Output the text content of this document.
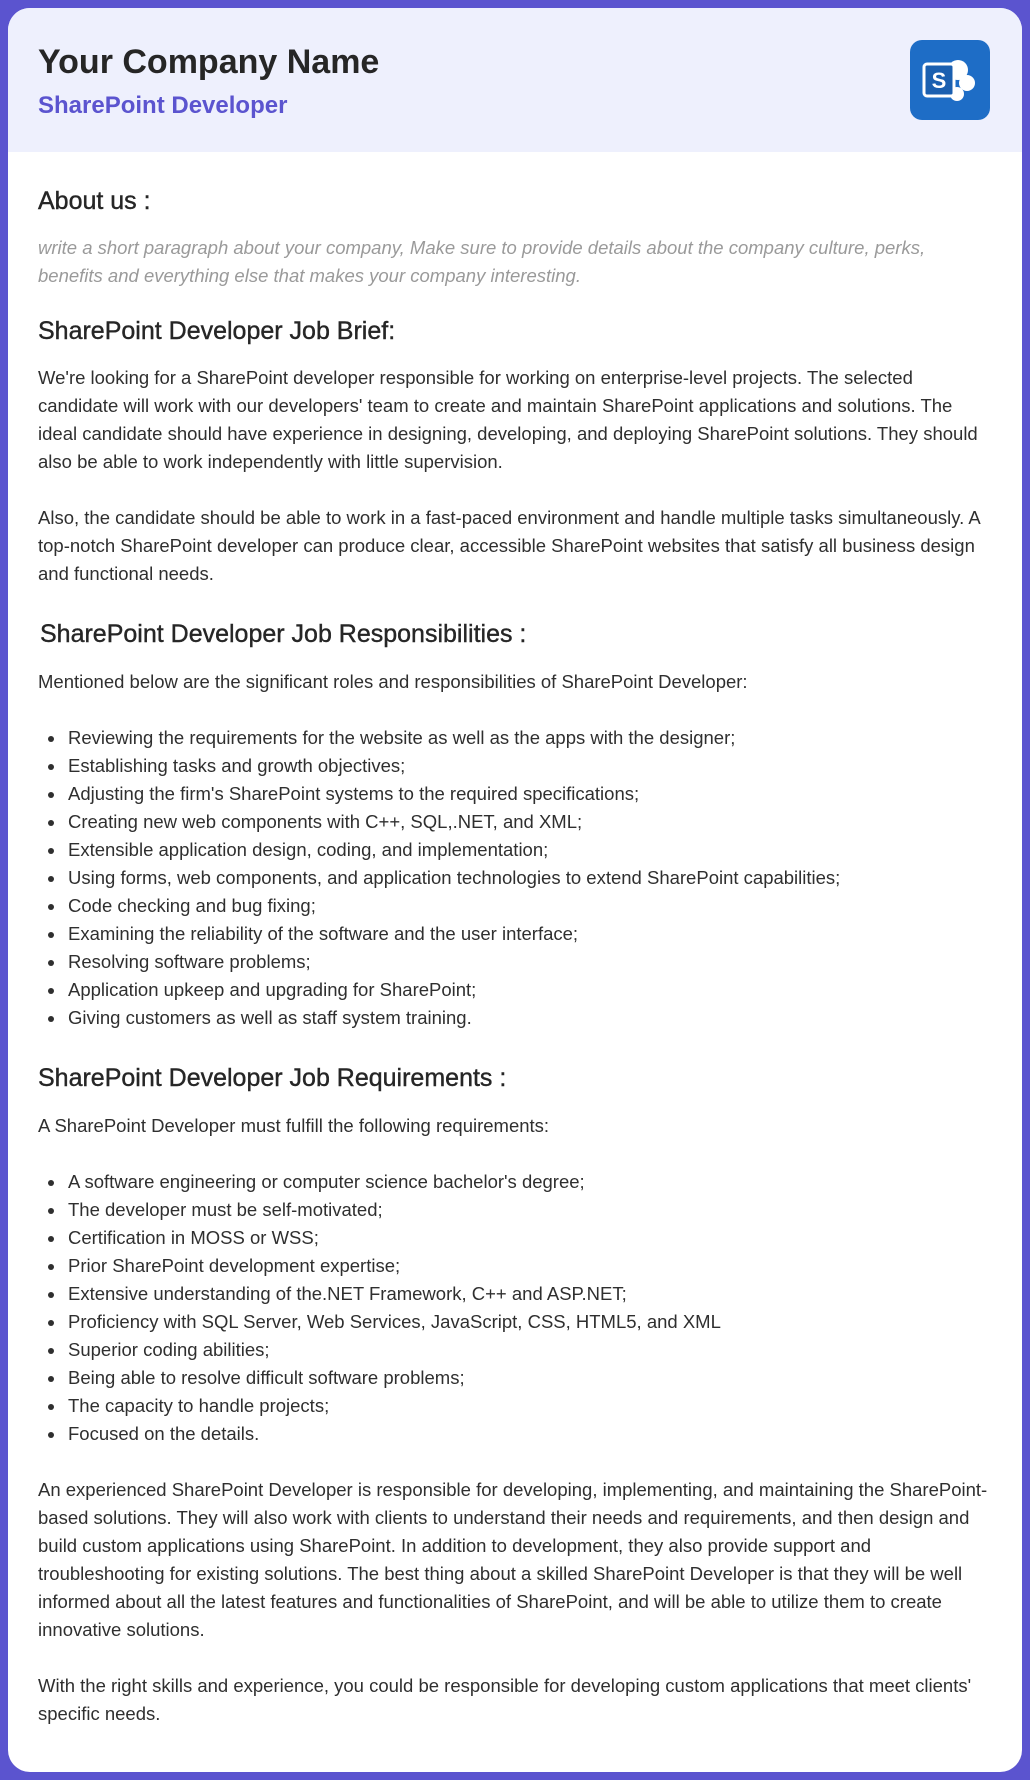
Your Company Name
SharePoint Developer
S
About us :

write a short paragraph about your company, Make sure to provide details about the company culture, perks, benefits and everything else that makes your company interesting.

SharePoint Developer Job Brief:

We're looking for a SharePoint developer responsible for working on enterprise-level projects. The selected candidate will work with our developers' team to create and maintain SharePoint applications and solutions. The ideal candidate should have experience in designing, developing, and deploying SharePoint solutions. They should also be able to work independently with little supervision.

Also, the candidate should be able to work in a fast-paced environment and handle multiple tasks simultaneously. A top-notch SharePoint developer can produce clear, accessible SharePoint websites that satisfy all business design and functional needs.

SharePoint Developer Job Responsibilities :

Mentioned below are the significant roles and responsibilities of SharePoint Developer:

Reviewing the requirements for the website as well as the apps with the designer;
Establishing tasks and growth objectives;
Adjusting the firm's SharePoint systems to the required specifications;
Creating new web components with C++, SQL,.NET, and XML;
Extensible application design, coding, and implementation;
Using forms, web components, and application technologies to extend SharePoint capabilities;
Code checking and bug fixing;
Examining the reliability of the software and the user interface;
Resolving software problems;
Application upkeep and upgrading for SharePoint;
Giving customers as well as staff system training.
SharePoint Developer Job Requirements :

A SharePoint Developer must fulfill the following requirements:

A software engineering or computer science bachelor's degree;
The developer must be self-motivated;
Certification in MOSS or WSS;
Prior SharePoint development expertise;
Extensive understanding of the.NET Framework, C++ and ASP.NET;
Proficiency with SQL Server, Web Services, JavaScript, CSS, HTML5, and XML
Superior coding abilities;
Being able to resolve difficult software problems;
The capacity to handle projects;
Focused on the details.

An experienced SharePoint Developer is responsible for developing, implementing, and maintaining the SharePoint-based solutions. They will also work with clients to understand their needs and requirements, and then design and build custom applications using SharePoint. In addition to development, they also provide support and troubleshooting for existing solutions. The best thing about a skilled SharePoint Developer is that they will be well informed about all the latest features and functionalities of SharePoint, and will be able to utilize them to create innovative solutions.

With the right skills and experience, you could be responsible for developing custom applications that meet clients' specific needs.
